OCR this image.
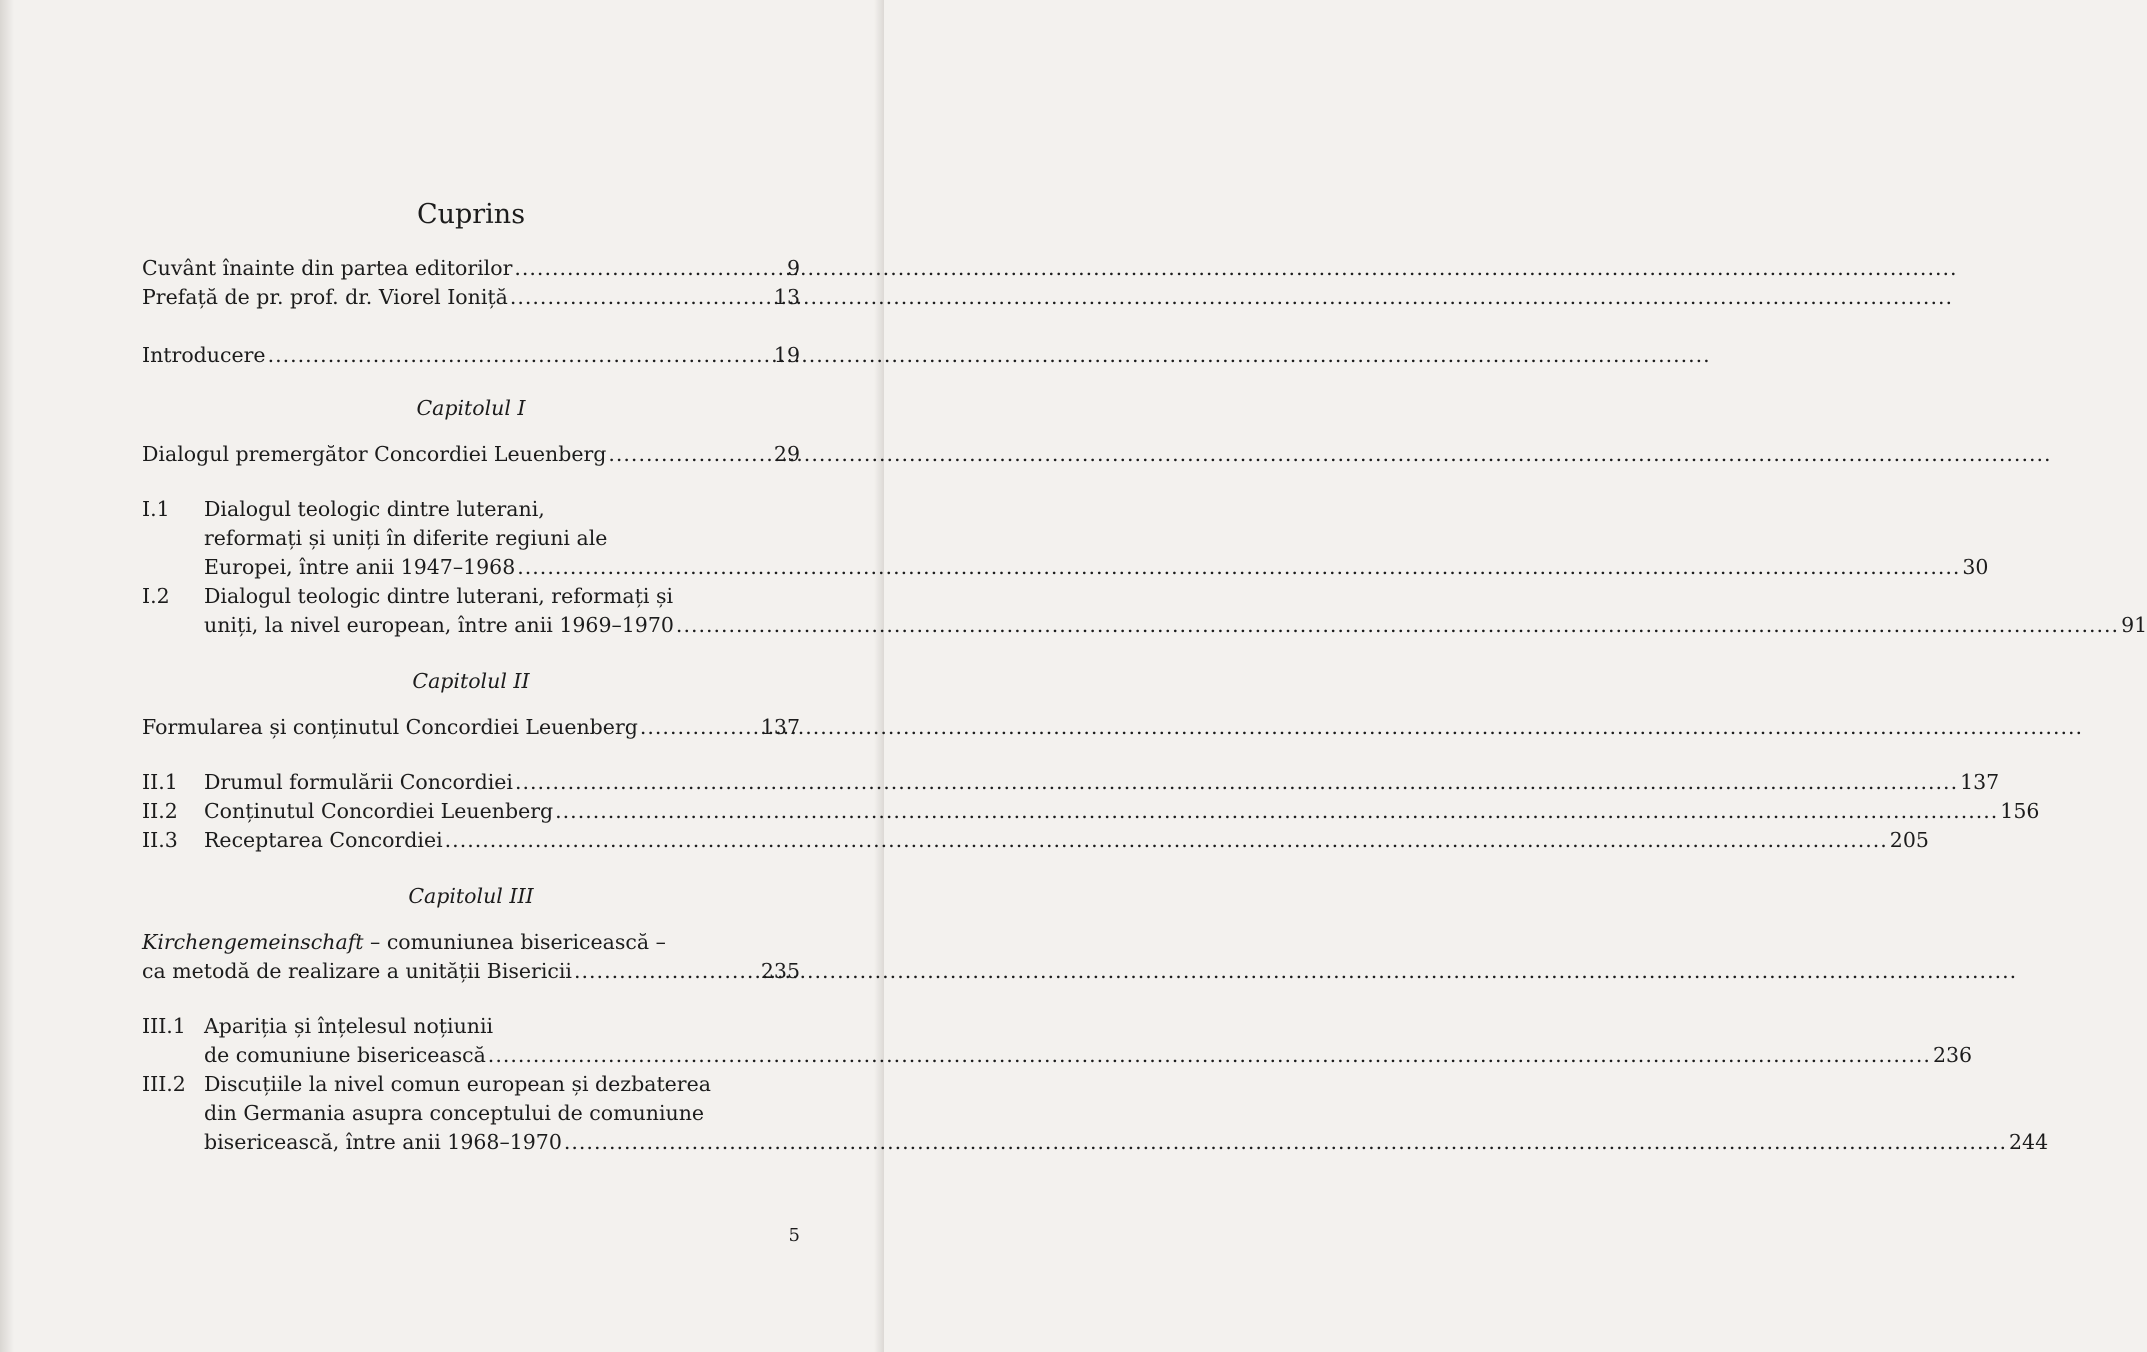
Cuprins
Cuvânt înainte din partea editorilor .....	9
Prefață de pr. prof. dr. Viorel Ioniță .....	13
Introducere .....	19
Capitolul I
Dialogul premergător Concordiei Leuenberg .....	29
I.1	Dialogul teologic dintre luterani,
reformați și uniți în diferite regiuni ale
Europei, între anii 1947–1968 .....	30
I.2	Dialogul teologic dintre luterani, reformați și
uniți, la nivel european, între anii 1969–1970 .....	91
Capitolul II
Formularea și conținutul Concordiei Leuenberg .....	137
II.1	Drumul formulării Concordiei .....	137
II.2	Conținutul Concordiei Leuenberg .....	156
II.3	Receptarea Concordiei .....	205
Capitolul III
Kirchengemeinschaft – comuniunea bisericească –
ca metodă de realizare a unității Bisericii .....	235
III.1 Apariția și înțelesul noțiunii
de comuniune bisericească .....	236
III.2 Discuțiile la nivel comun european și dezbaterea
din Germania asupra conceptului de comuniune
bisericească, între anii 1968–1970 .....	244
5
